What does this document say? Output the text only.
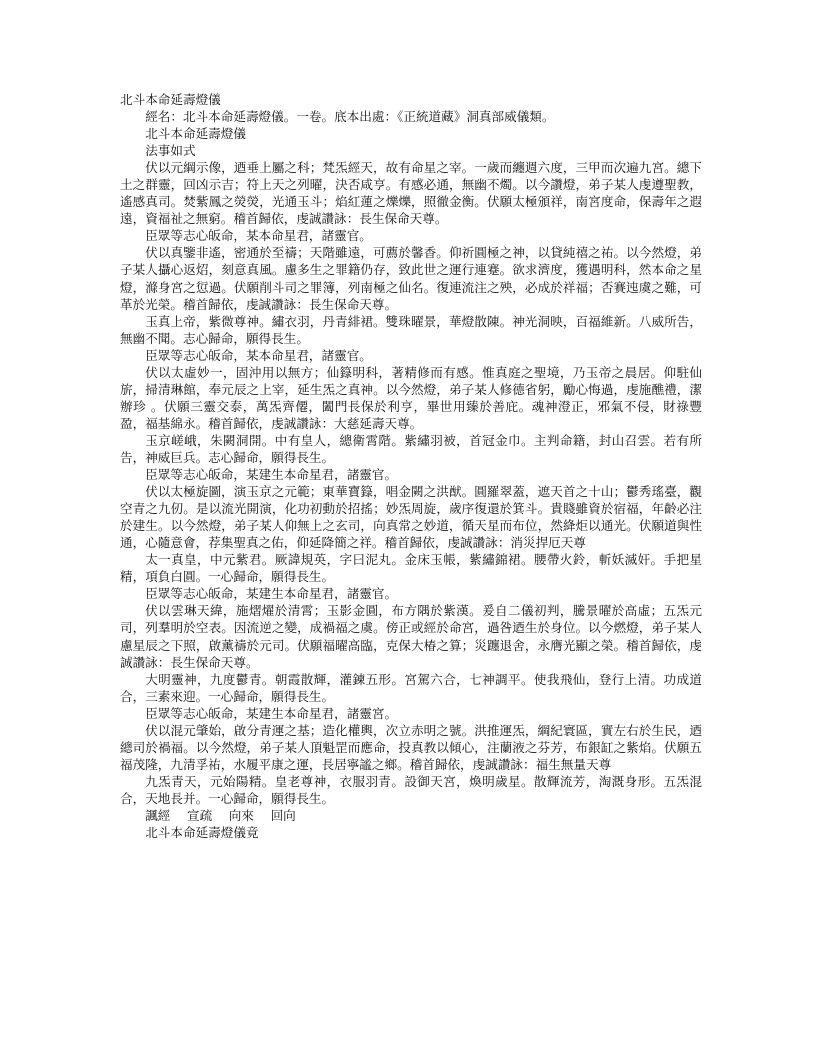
北斗本命延壽燈儀

經名：北斗本命延壽燈儀。一卷。底本出處：《正統道藏》洞真部威儀類。

北斗本命延壽燈儀

法事如式

伏以元綱示像，迺垂上屬之科；梵炁經天，故有命星之宰。一歲而纏週六度，三甲而次遍九宮。總下土之群靈，回凶示吉；符上天之列曜，決否咸亨。有感必通，無幽不燭。以今讚燈，弟子某人虔遵聖教，遙感真司。焚紫鳳之熒熒，光通玉斗；焰紅蓮之爍爍，照徹金衡。伏願太極頒祥，南宮度命，保壽年之遐遠，資福祉之無窮。稽首歸依，虔誠讚詠：長生保命天尊。

臣眾等志心皈命，某本命星君，諸靈官。

伏以真鑒非遙，密通於至禱；天階雖遠，可薦於馨香。仰祈圓極之神，以貸純禧之祐。以今然燈，弟子某人攝心返炤，刻意真風。慮多生之罪籍仍存，致此世之運行連蹇。欲求濟度，獲遇明科，然本命之星燈，滌身宮之愆過。伏願削斗司之罪簿，列南極之仙名。復連流注之殃，必成於祥福；否賽迍虞之難，可革於光榮。稽首歸依，虔誠讚詠：長生保命天尊。

玉真上帝，紫微尊神。繡衣羽，丹青緋裙。雙珠曜景，華燈散陳。神光洞映，百福維新。八威所告，無幽不聞。志心歸命，願得長生。

臣眾等志心皈命，某本命星君，諸靈官。

伏以太虛妙一，固沖用以無方；仙籙明科，著精修而有感。惟真庭之聖境，乃玉帝之晨居。仰駐仙旂，掃清琳館，奉元辰之上宰，延生炁之真神。以今然燈，弟子某人修德省躬，勵心悔過，虔施醮禮，潔辦珍 。伏願三靈交泰，萬炁齊僊，闔門長保於利亨，畢世用臻於善庇。魂神澄正，邪氣不侵，財祿豐盈，福基綿永。稽首歸依，虔誠讚詠：大慈延壽天尊。

玉京嵯峨，朱闕洞開。中有皇人，總衛霄階。紫繡羽被，首冠金巾。主判命籍，封山召雲。若有所告，神威巨兵。志心歸命，願得長生。

臣眾等志心皈命，某建生本命星君，諸靈官。

伏以太極旋圖，演玉京之元範；東華寶籙，唱金闕之洪猷。圓羅翠蓋，遮天首之十山；鬱秀瑤臺，觀空青之九仞。是以流光開演，化功初動於招搖；妙炁周旋，歲序復還於箕斗。貴賤雖資於宿福，年齡必注於建生。以今然燈，弟子某人仰無上之玄司，向真常之妙道，循天星而布位，然絳炬以通光。伏願道與性通，心隨意會，荐集聖真之佑，仰延降簡之祥。稽首歸依，虔誠讚詠：消災捍厄天尊

太一真皇，中元紫君。厥諱規英，字曰泥丸。金床玉帳，紫繡錦裙。腰帶火鈴，斬妖滅奸。手把星精，項負白圓。一心歸命，願得長生。

臣眾等志心皈命，某建生本命星君，諸靈官。

伏以雲琳天緯，施熠燿於清霄；玉影金圓，布方隅於紫漢。爰自二儀初判，騰景曜於高虛；五炁元司，列羣明於空表。因流逆之變，成禍福之虞。傍正或經於命宮，過咎迺生於身位。以今燃燈，弟子某人慮星辰之下照，啟薰禱於元司。伏願福曜高臨，克保大椿之算；災躔退舍，永膺光顯之榮。稽首歸依，虔誠讚詠：長生保命天尊。

大明靈神，九度鬱青。朝霞散輝，灌鍊五形。宮駕六合，七神調平。使我飛仙，登行上清。功成道合，三素來迎。一心歸命，願得長生。

臣眾等志心皈命，某建生本命星君，諸靈宮。

伏以混元肇始，啟分青運之基；造化權輿，次立赤明之號。洪推運炁，綱紀寰區，實左右於生民，迺總司於禍福。以今然燈，弟子某人頂魁罡而應命，投真教以傾心，注蘭液之芬芳，布銀缸之紫焰。伏願五福茂隆，九清孚祐，水履平康之運，長居寧謐之鄉。稽首歸依，虔誠讚詠：福生無量天尊

九炁青天，元始陽精。皇老尊神，衣服羽青。設御天宮，煥明歲星。散輝流芳，淘溉身形。五炁混合，天地長并。一心歸命，願得長生。

諷經 宣疏 向來 回向

北斗本命延壽燈儀竟
